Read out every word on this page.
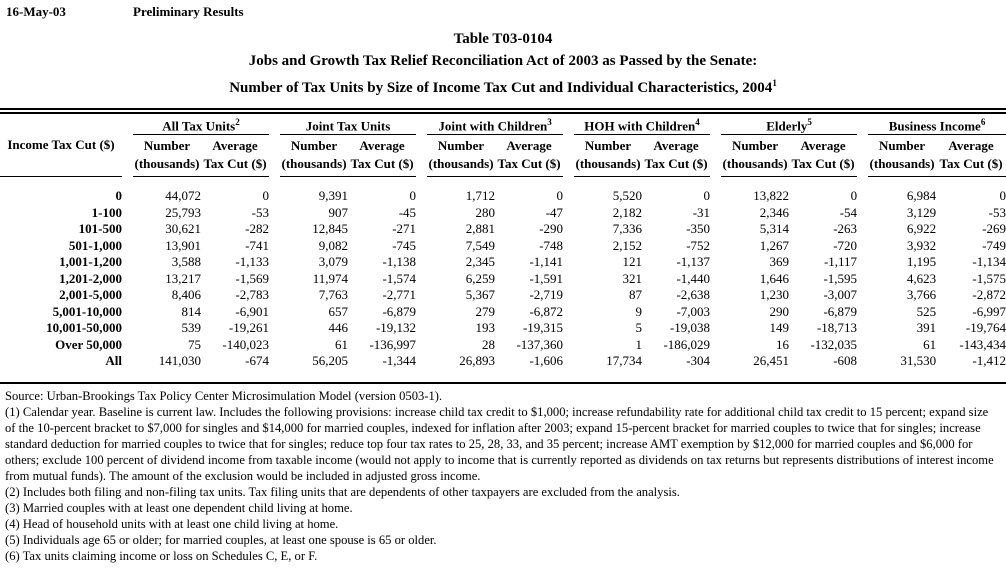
16-May-03	Preliminary Results
Table T03-0104
Jobs and Growth Tax Relief Reconciliation Act of 2003 as Passed by the Senate:
Number of Tax Units by Size of Income Tax Cut and Individual Characteristics, 2004$^1$
Income Tax Cut ($)		All Tax Units$^2$			Joint Tax Units			Joint with Children$^3$			HOH with Children$^4$			Elderly$^5$			Business Income$^6$
		Number	Average		Number	Average		Number	Average		Number	Average		Number	Average		Number	Average
		(thousands)	Tax Cut ($)		(thousands)	Tax Cut ($)		(thousands)	Tax Cut ($)		(thousands)	Tax Cut ($)		(thousands)	Tax Cut ($)		(thousands)	Tax Cut ($)
0		44,072	0		9,391	0		1,712	0		5,520	0		13,822	0		6,984	0
1-100		25,793	-53		907	-45		280	-47		2,182	-31		2,346	-54		3,129	-53
101-500		30,621	-282		12,845	-271		2,881	-290		7,336	-350		5,314	-263		6,922	-269
501-1,000		13,901	-741		9,082	-745		7,549	-748		2,152	-752		1,267	-720		3,932	-749
1,001-1,200		3,588	-1,133		3,079	-1,138		2,345	-1,141		121	-1,137		369	-1,117		1,195	-1,134
1,201-2,000		13,217	-1,569		11,974	-1,574		6,259	-1,591		321	-1,440		1,646	-1,595		4,623	-1,575
2,001-5,000		8,406	-2,783		7,763	-2,771		5,367	-2,719		87	-2,638		1,230	-3,007		3,766	-2,872
5,001-10,000		814	-6,901		657	-6,879		279	-6,872		9	-7,003		290	-6,879		525	-6,997
10,001-50,000		539	-19,261		446	-19,132		193	-19,315		5	-19,038		149	-18,713		391	-19,764
Over 50,000		75	-140,023		61	-136,997		28	-137,360		1	-186,029		16	-132,035		61	-143,434
All		141,030	-674		56,205	-1,344		26,893	-1,606		17,734	-304		26,451	-608		31,530	-1,412
Source: Urban-Brookings Tax Policy Center Microsimulation Model (version 0503-1).
(1) Calendar year. Baseline is current law. Includes the following provisions: increase child tax credit to $1,000; increase refundability rate for additional child tax credit to 15 percent; expand size of the 10-percent bracket to $7,000 for singles and $14,000 for married couples, indexed for inflation after 2003; expand 15-percent bracket for married couples to twice that for singles; increase standard deduction for married couples to twice that for singles; reduce top four tax rates to 25, 28, 33, and 35 percent; increase AMT exemption by $12,000 for married couples and $6,000 for others; exclude 100 percent of dividend income from taxable income (would not apply to income that is currently reported as dividends on tax returns but represents distributions of interest income from mutual funds). The amount of the exclusion would be included in adjusted gross income.
(2) Includes both filing and non-filing tax units. Tax filing units that are dependents of other taxpayers are excluded from the analysis.
(3) Married couples with at least one dependent child living at home.
(4) Head of household units with at least one child living at home.
(5) Individuals age 65 or older; for married couples, at least one spouse is 65 or older.
(6) Tax units claiming income or loss on Schedules C, E, or F.
